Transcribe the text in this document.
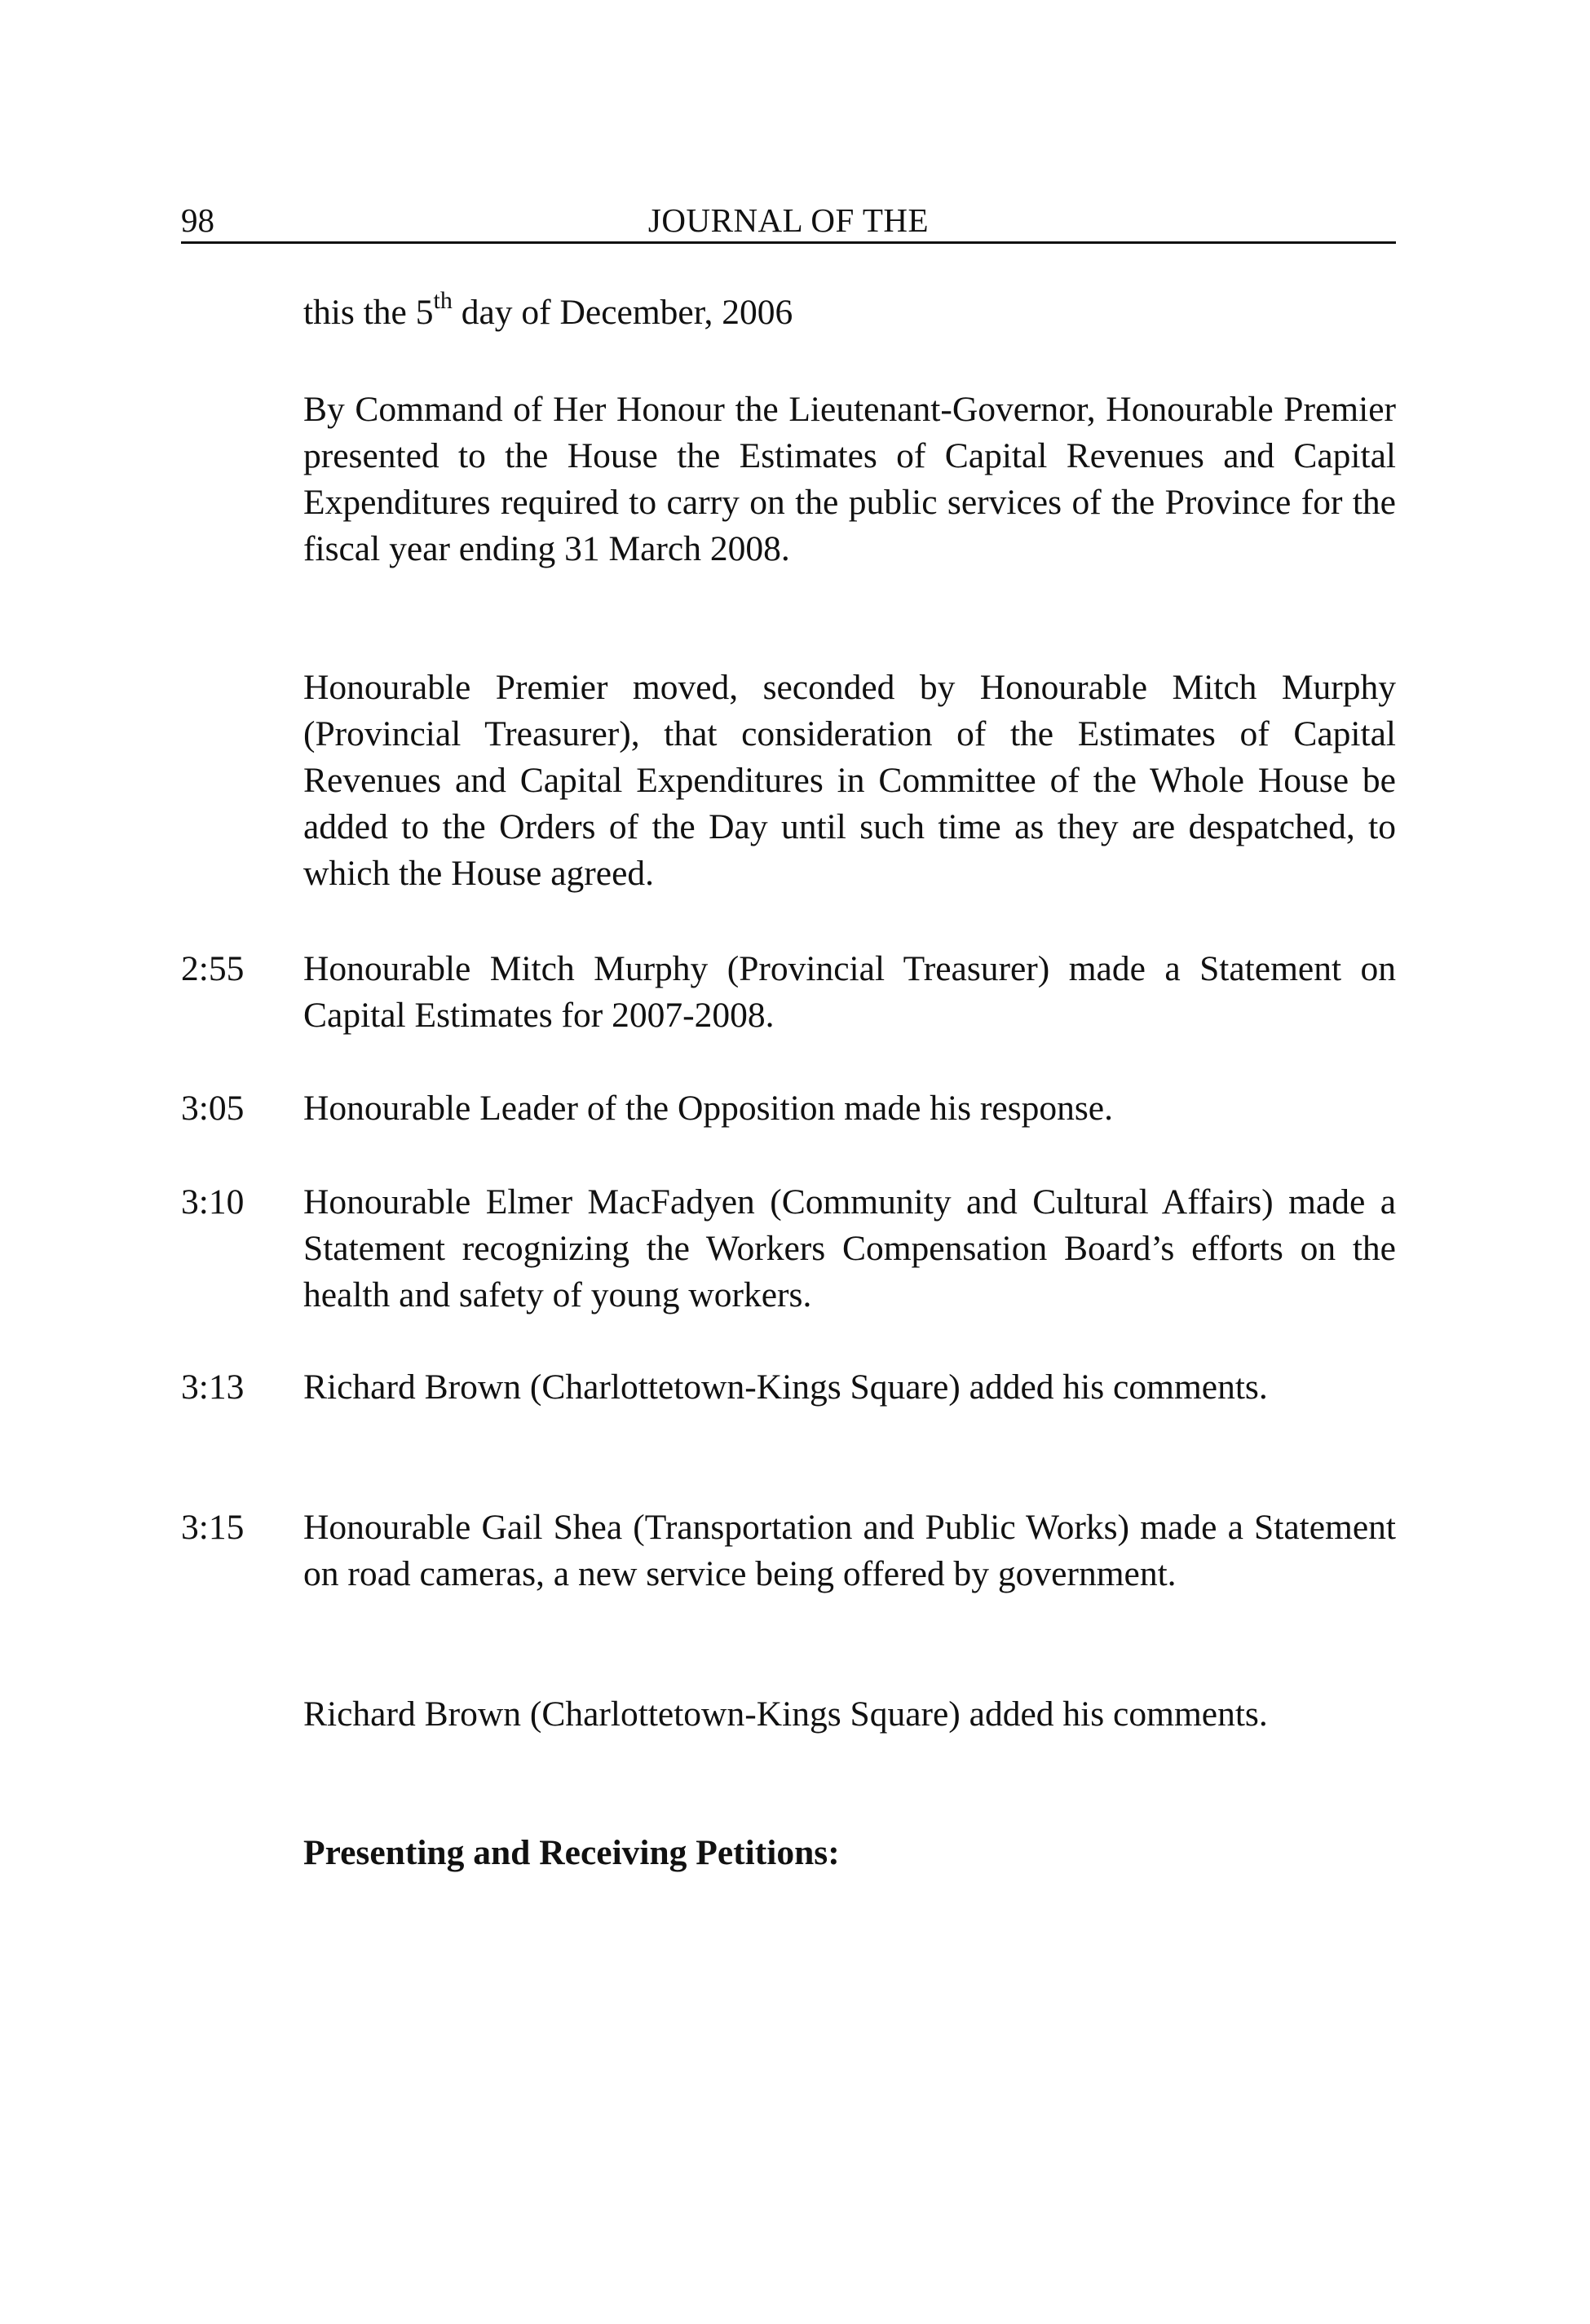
98	JOURNAL OF THE
this the 5th day of December, 2006
By Command of Her Honour the Lieutenant-Governor, Honourable Premier presented to the House the Estimates of Capital Revenues and Capital Expenditures required to carry on the public services of the Province for the fiscal year ending 31 March 2008.
Honourable Premier moved, seconded by Honourable Mitch Murphy (Provincial Treasurer), that consideration of the Estimates of Capital Revenues and Capital Expenditures in Committee of the Whole House be added to the Orders of the Day until such time as they are despatched, to which the House agreed.
2:55	Honourable Mitch Murphy (Provincial Treasurer) made a Statement on Capital Estimates for 2007-2008.
3:05	Honourable Leader of the Opposition made his response.
3:10	Honourable Elmer MacFadyen (Community and Cultural Affairs) made a Statement recognizing the Workers Compensation Board’s efforts on the health and safety of young workers.
3:13	Richard Brown (Charlottetown-Kings Square) added his comments.
3:15	Honourable Gail Shea (Transportation and Public Works) made a Statement on road cameras, a new service being offered by government.
Richard Brown (Charlottetown-Kings Square) added his comments.
Presenting and Receiving Petitions:
